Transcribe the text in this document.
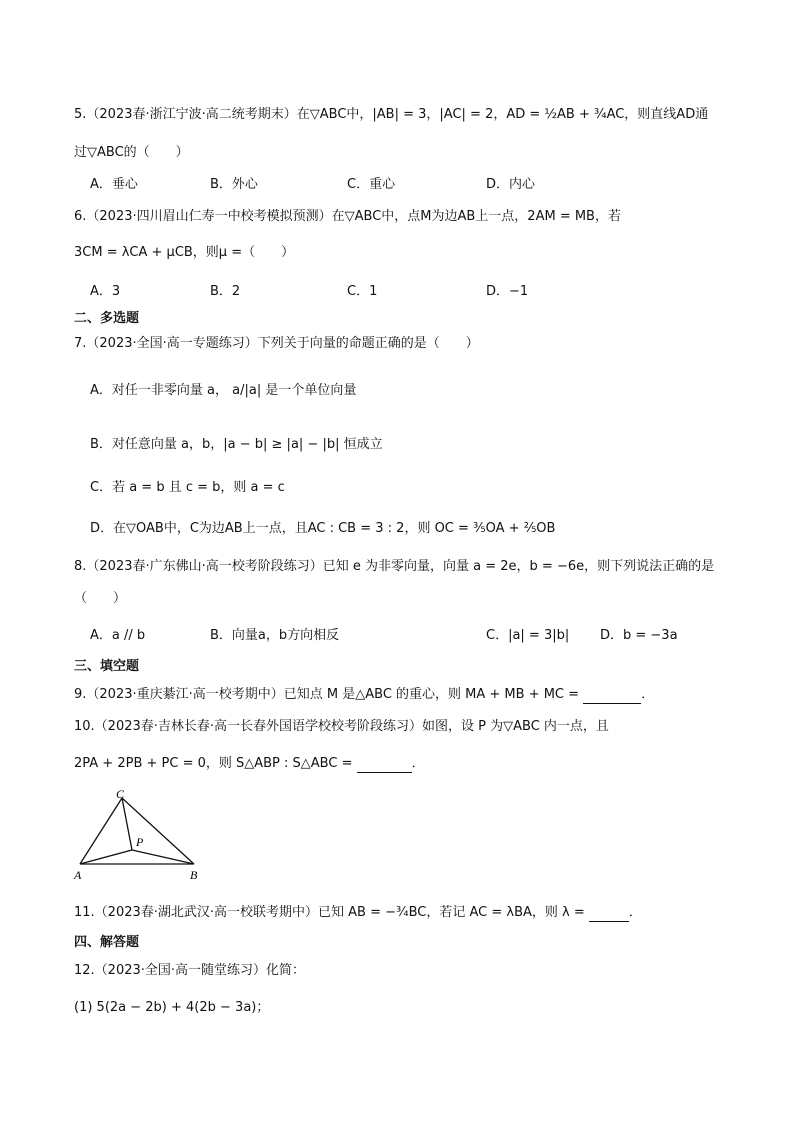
5.（2023春·浙江宁波·高二统考期末）在▽ABC中，|AB| = 3，|AC| = 2，AD = ½AB + ¾AC，则直线AD通
过▽ABC的（　　）
A．垂心	B．外心	C．重心	D．内心
6.（2023·四川眉山仁寿一中校考模拟预测）在▽ABC中，点M为边AB上一点，2AM = MB，若
3CM = λCA + μCB，则μ =（　　）
A．3	B．2	C．1	D．−1
二、多选题
7.（2023·全国·高一专题练习）下列关于向量的命题正确的是（　　）
A．对任一非零向量 a， a/|a| 是一个单位向量
B．对任意向量 a，b，|a − b| ≥ |a| − |b| 恒成立
C．若 a = b 且 c = b，则 a = c
D．在▽OAB中，C为边AB上一点，且AC : CB = 3 : 2，则 OC = ⅗OA + ⅖OB
8.（2023春·广东佛山·高一校考阶段练习）已知 e 为非零向量，向量 a = 2e，b = −6e，则下列说法正确的是
（　　）
A．a // b	B．向量a，b方向相反	C．|a| = 3|b| D．b = −3a
三、填空题
9.（2023·重庆綦江·高一校考期中）已知点 M 是△ABC 的重心，则 MA + MB + MC =	．
10.（2023春·吉林长春·高一长春外国语学校校考阶段练习）如图，设 P 为▽ABC 内一点，且
2PA + 2PB + PC = 0，则 S△ABP : S△ABC =	．
C
P
A	B
11.（2023春·湖北武汉·高一校联考期中）已知 AB = −¾BC，若记 AC = λBA，则 λ =	．
四、解答题
12.（2023·全国·高一随堂练习）化简：
(1) 5(2a − 2b) + 4(2b − 3a)；
